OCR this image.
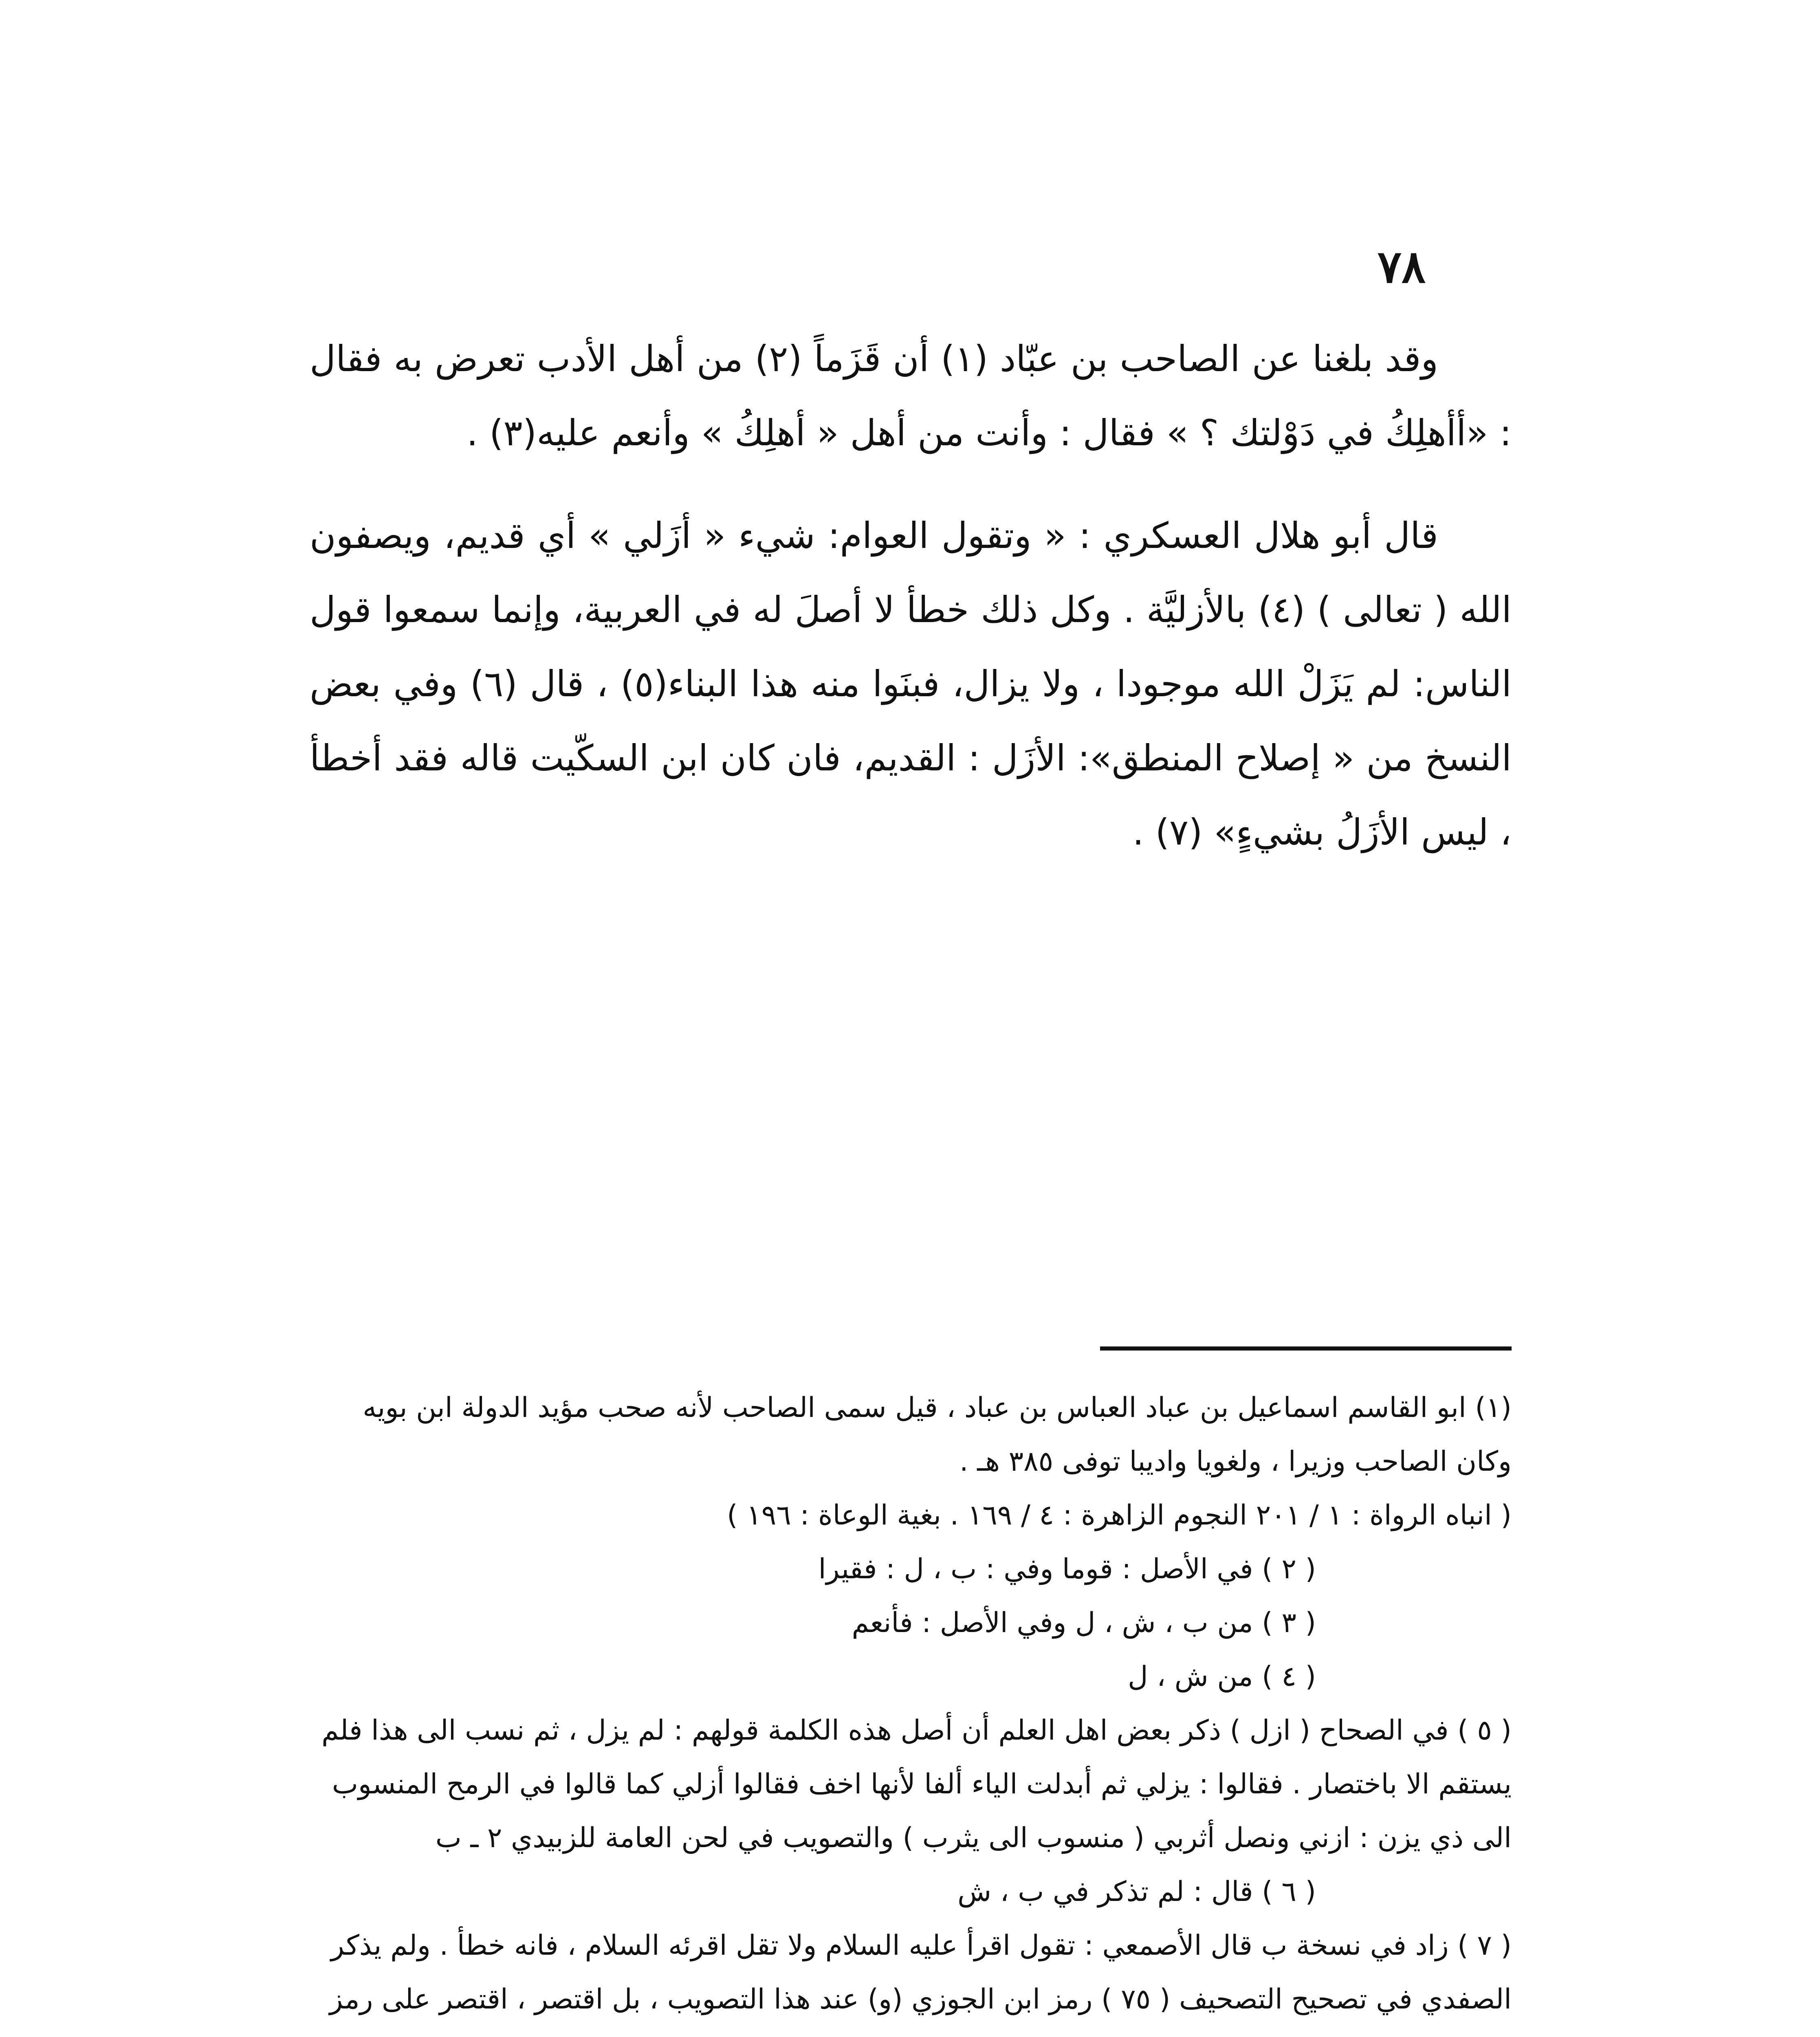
٧٨

وقد بلغنا عن الصاحب بن عبّاد (١) أن قَزَماً (٢) من أهل الأدب تعرض به فقال : «أأهلِكُ في دَوْلتك ؟ » فقال : وأنت من أهل « أهلِكُ » وأنعم عليه(٣) .

قال أبو هلال العسكري : « وتقول العوام: شيء « أزَلي » أي قديم، ويصفون الله ( تعالى ) (٤) بالأزليَّة . وكل ذلك خطأ لا أصلَ له في العربية، وإنما سمعوا قول الناس: لم يَزَلْ الله موجودا ، ولا يزال، فبنَوا منه هذا البناء(٥) ، قال (٦) وفي بعض النسخ من « إصلاح المنطق»: الأزَل : القديم، فان كان ابن السكّيت قاله فقد أخطأ ، ليس الأزَلُ بشيءٍ» (٧) .

(١) ابو القاسم اسماعيل بن عباد العباس بن عباد ، قيل سمى الصاحب لأنه صحب مؤيد الدولة ابن بويه وكان الصاحب وزيرا ، ولغويا واديبا توفى ٣٨٥ هـ .

( انباه الرواة : ١ / ٢٠١ النجوم الزاهرة : ٤ / ١٦٩ . بغية الوعاة : ١٩٦ )

( ٢ ) في الأصل : قوما وفي : ب ، ل : فقيرا

( ٣ ) من ب ، ش ، ل وفي الأصل : فأنعم

( ٤ ) من ش ، ل

( ٥ ) في الصحاح ( ازل ) ذكر بعض اهل العلم أن أصل هذه الكلمة قولهم : لم يزل ، ثم نسب الى هذا فلم يستقم الا باختصار . فقالوا : يزلي ثم أبدلت الياء ألفا لأنها اخف فقالوا أزلي كما قالوا في الرمح المنسوب الى ذي يزن : ازني ونصل أثربي ( منسوب الى يثرب ) والتصويب في لحن العامة للزبيدي ٢ ـ ب

( ٦ ) قال : لم تذكر في ب ، ش

( ٧ ) زاد في نسخة ب قال الأصمعي : تقول اقرأ عليه السلام ولا تقل اقرئه السلام ، فانه خطأ . ولم يذكر الصفدي في تصحيح التصحيف ( ٧٥ ) رمز ابن الجوزي (و) عند هذا التصويب ، بل اقتصر ، اقتصر على رمز
